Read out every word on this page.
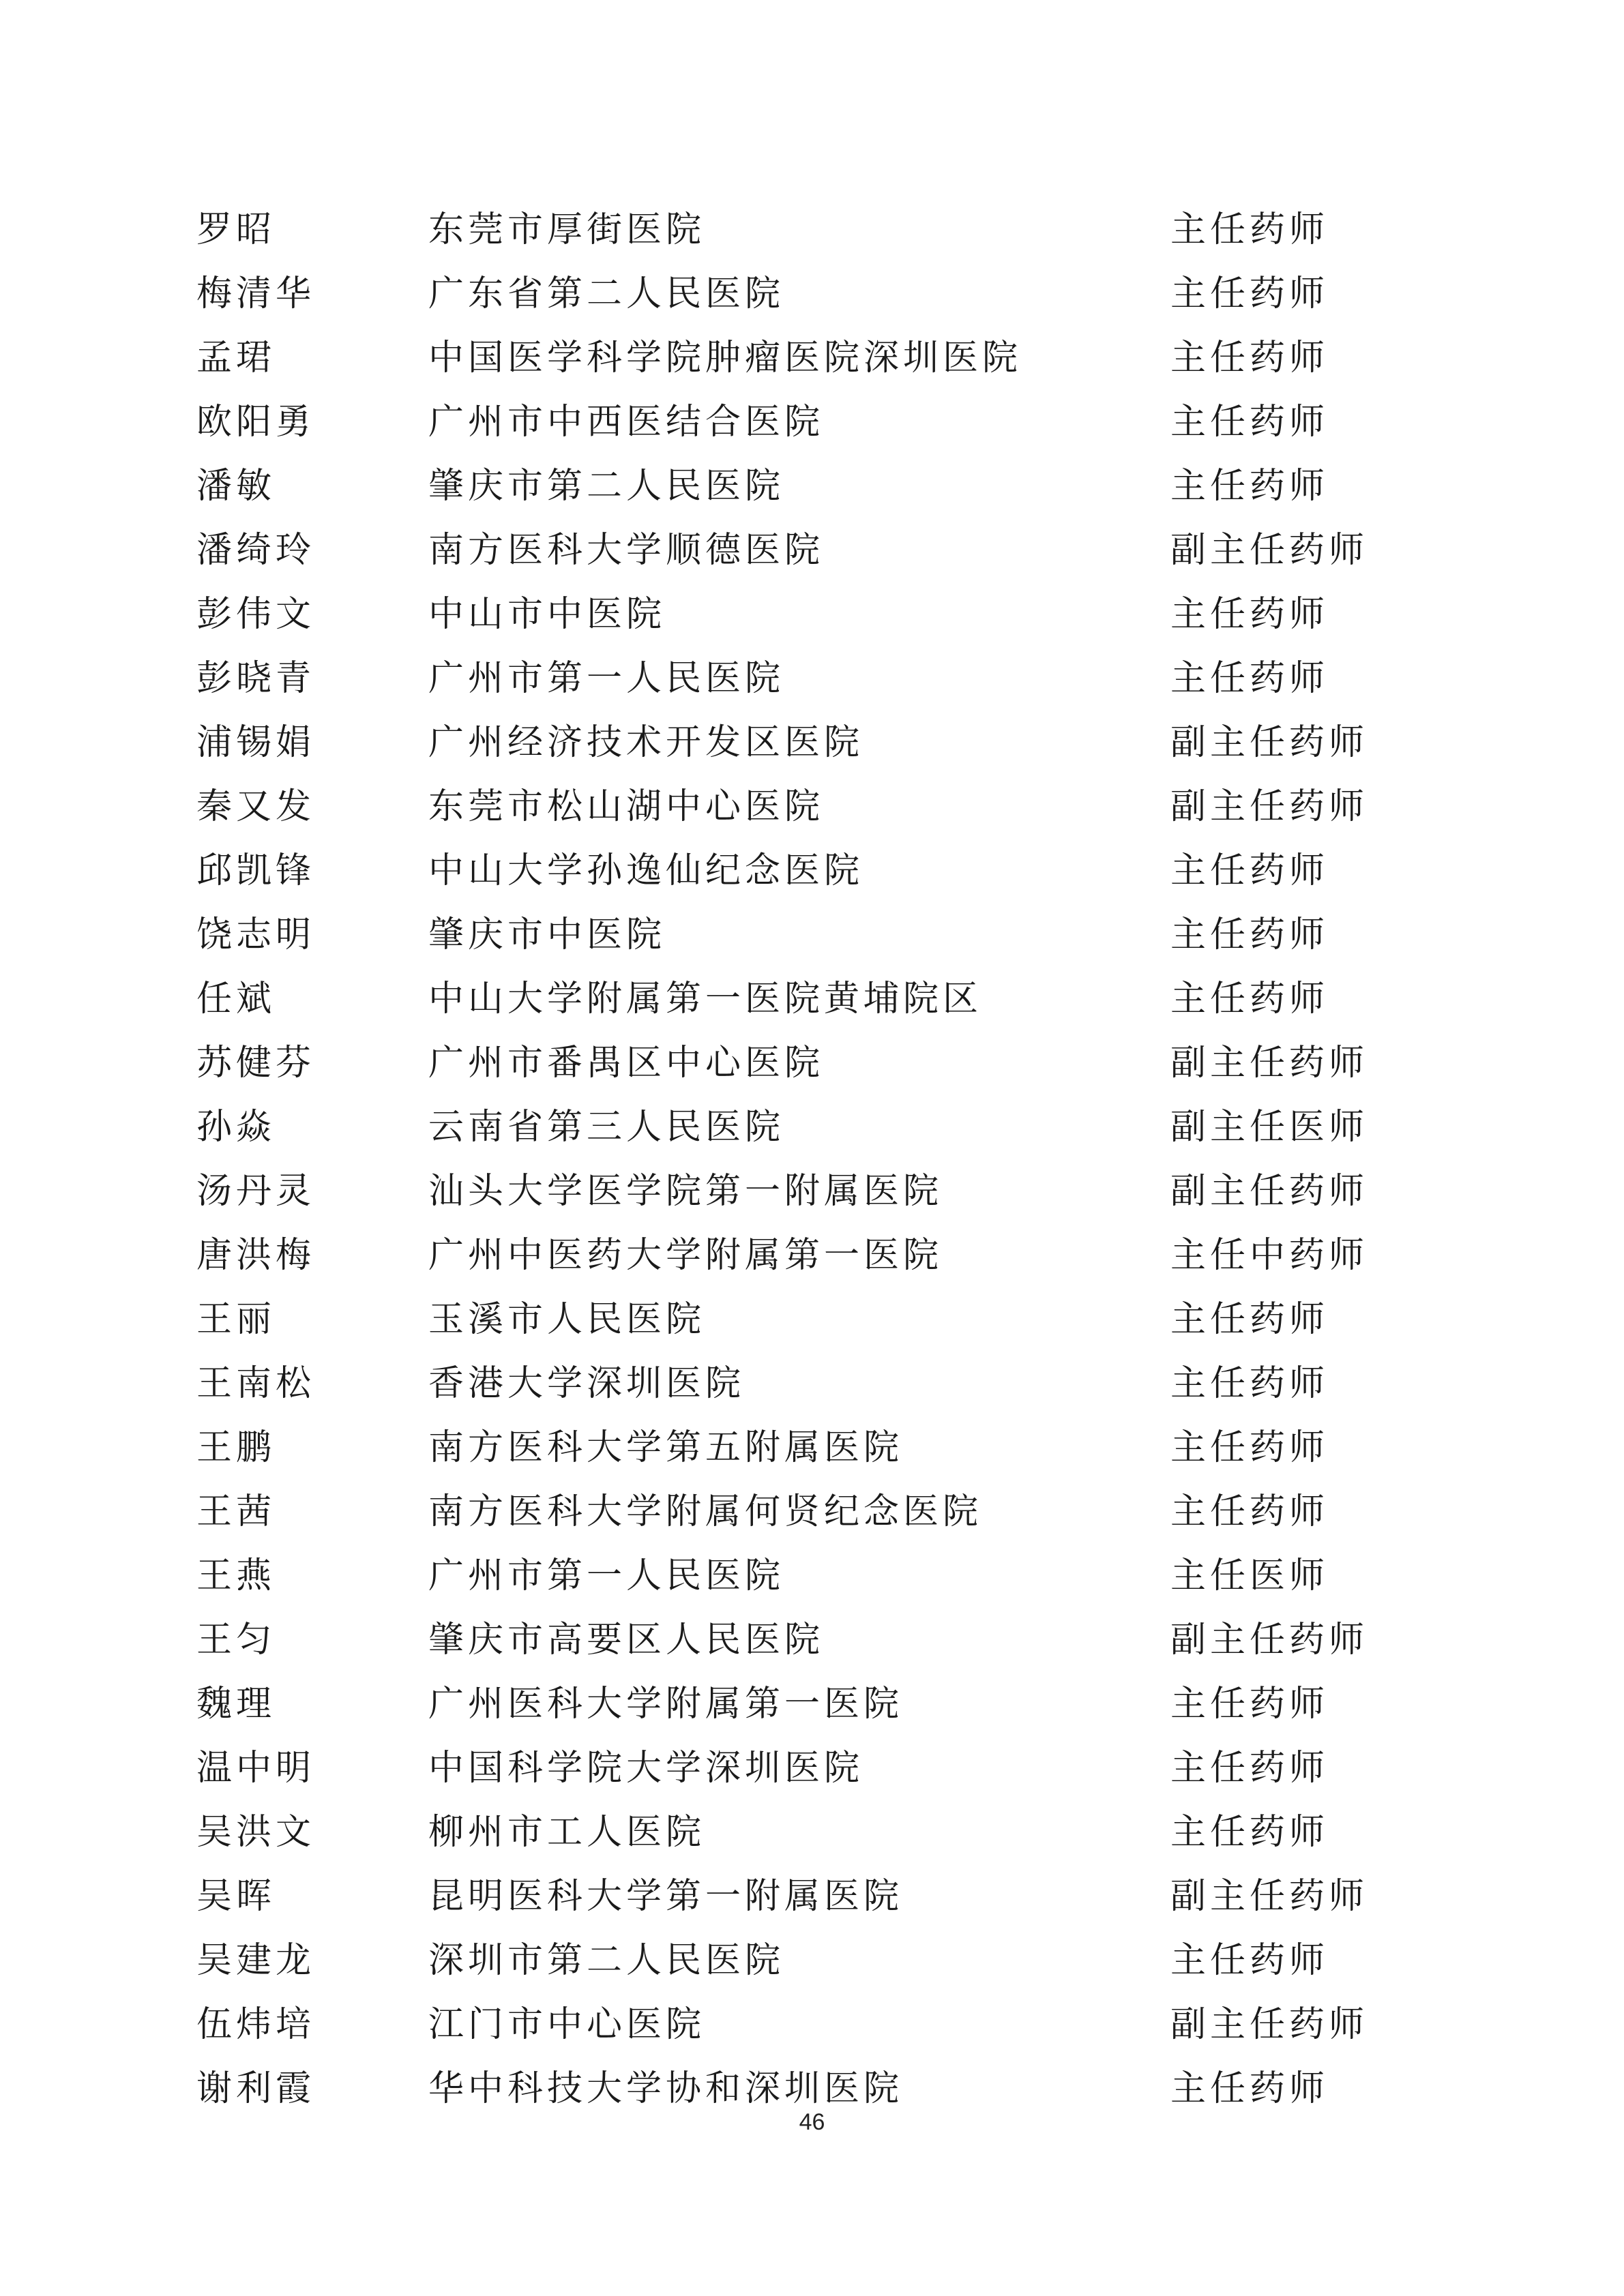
罗昭	东莞市厚街医院	主任药师
梅清华	广东省第二人民医院	主任药师
孟珺	中国医学科学院肿瘤医院深圳医院	主任药师
欧阳勇	广州市中西医结合医院	主任药师
潘敏	肇庆市第二人民医院	主任药师
潘绮玲	南方医科大学顺德医院	副主任药师
彭伟文	中山市中医院	主任药师
彭晓青	广州市第一人民医院	主任药师
浦锡娟	广州经济技术开发区医院	副主任药师
秦又发	东莞市松山湖中心医院	副主任药师
邱凯锋	中山大学孙逸仙纪念医院	主任药师
饶志明	肇庆市中医院	主任药师
任斌	中山大学附属第一医院黄埔院区	主任药师
苏健芬	广州市番禺区中心医院	副主任药师
孙焱	云南省第三人民医院	副主任医师
汤丹灵	汕头大学医学院第一附属医院	副主任药师
唐洪梅	广州中医药大学附属第一医院	主任中药师
王丽	玉溪市人民医院	主任药师
王南松	香港大学深圳医院	主任药师
王鹏	南方医科大学第五附属医院	主任药师
王茜	南方医科大学附属何贤纪念医院	主任药师
王燕	广州市第一人民医院	主任医师
王匀	肇庆市高要区人民医院	副主任药师
魏理	广州医科大学附属第一医院	主任药师
温中明	中国科学院大学深圳医院	主任药师
吴洪文	柳州市工人医院	主任药师
吴晖	昆明医科大学第一附属医院	副主任药师
吴建龙	深圳市第二人民医院	主任药师
伍炜培	江门市中心医院	副主任药师
谢利霞	华中科技大学协和深圳医院	主任药师
46
